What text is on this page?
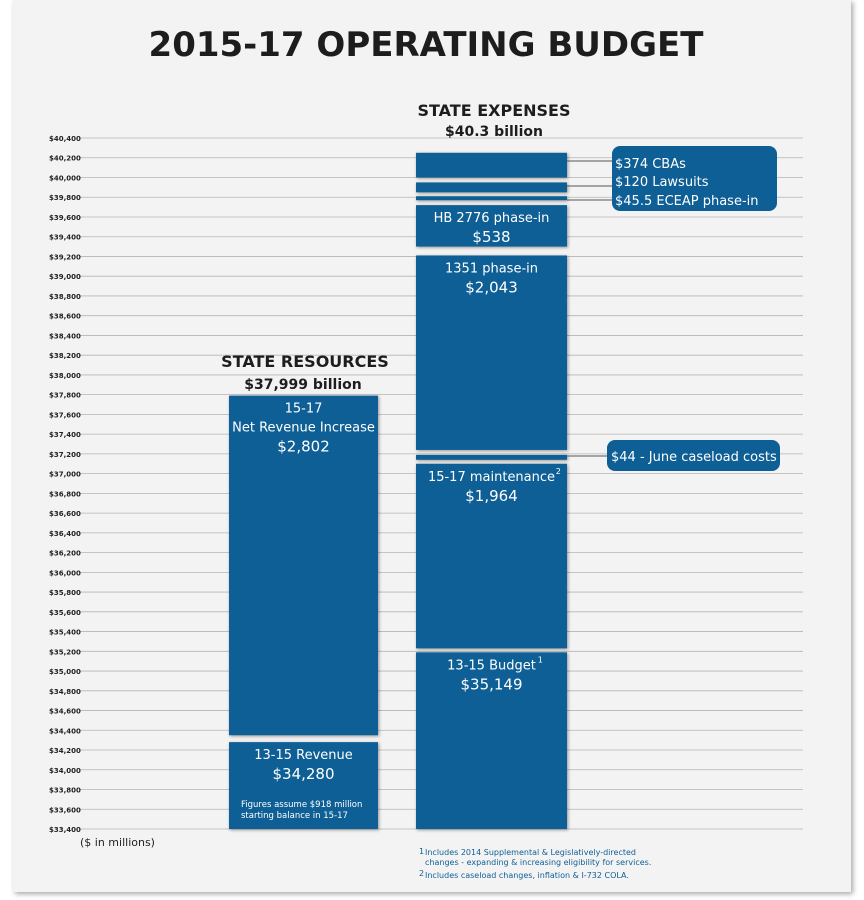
$33,400
$33,600
$33,800
$34,000
$34,200
$34,400
$34,600
$34,800
$35,000
$35,200
$35,400
$35,600
$35,800
$36,000
$36,200
$36,400
$36,600
$36,800
$37,000
$37,200
$37,400
$37,600
$37,800
$38,000
$38,200
$38,400
$38,600
$38,800
$39,000
$39,200
$39,400
$39,600
$39,800
$40,000
$40,200
$40,400
2015-17 OPERATING BUDGET
STATE RESOURCES
$37,999 billion
STATE EXPENSES
$40.3 billion
13-15 Revenue
$34,280
Figures assume $918 million
starting balance in 15-17
15-17
Net Revenue Increase
$2,802
13-15 Budget 1
$35,149
15-17 maintenance 2
$1,964
1351 phase-in
$2,043
HB 2776 phase-in
$538
$374 CBAs
$120 Lawsuits
$45.5 ECEAP phase-in
$44 - June caseload costs
($ in millions)
1 Includes 2014 Supplemental & Legislatively-directed
changes - expanding & increasing eligibility for services.
2 Includes caseload changes, inflation & I-732 COLA.
